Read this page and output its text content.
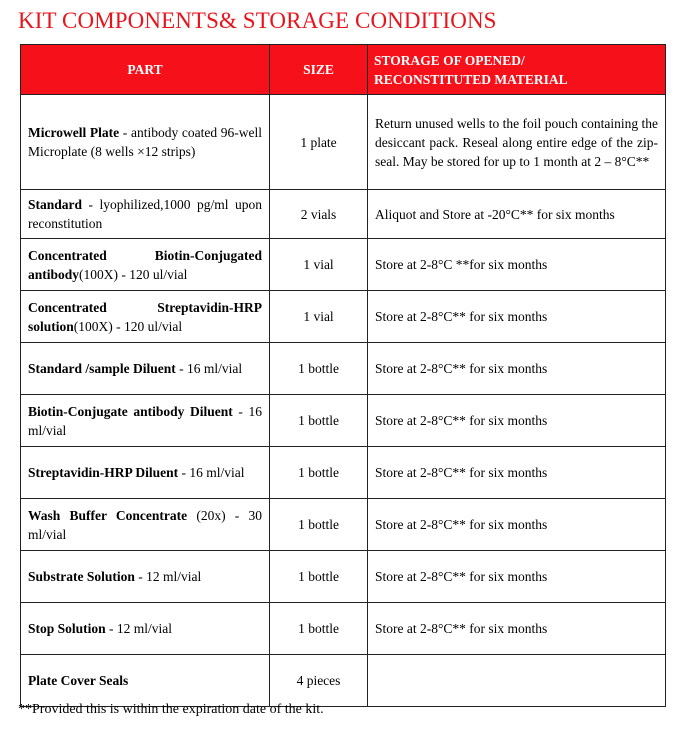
KIT COMPONENTS& STORAGE CONDITIONS
PART	SIZE	STORAGE OF OPENED/
RECONSTITUTED MATERIAL
Microwell Plate - antibody coated 96-well Microplate (8 wells ×12 strips)	1 plate	Return unused wells to the foil pouch containing the desiccant pack. Reseal along entire edge of the zip-seal. May be stored for up to 1 month at 2 – 8°C**
Standard - lyophilized,1000 pg/ml upon reconstitution	2 vials	Aliquot and Store at -20°C** for six months
Concentrated Biotin-Conjugated antibody(100X) - 120 ul/vial	1 vial	Store at 2-8°C **for six months
Concentrated Streptavidin-HRP solution(100X) - 120 ul/vial	1 vial	Store at 2-8°C** for six months
Standard /sample Diluent - 16 ml/vial	1 bottle	Store at 2-8°C** for six months
Biotin-Conjugate antibody Diluent - 16 ml/vial	1 bottle	Store at 2-8°C** for six months
Streptavidin-HRP Diluent - 16 ml/vial	1 bottle	Store at 2-8°C** for six months
Wash Buffer Concentrate (20x) - 30 ml/vial	1 bottle	Store at 2-8°C** for six months
Substrate Solution - 12 ml/vial	1 bottle	Store at 2-8°C** for six months
Stop Solution - 12 ml/vial	1 bottle	Store at 2-8°C** for six months
Plate Cover Seals	4 pieces	
**Provided this is within the expiration date of the kit.
